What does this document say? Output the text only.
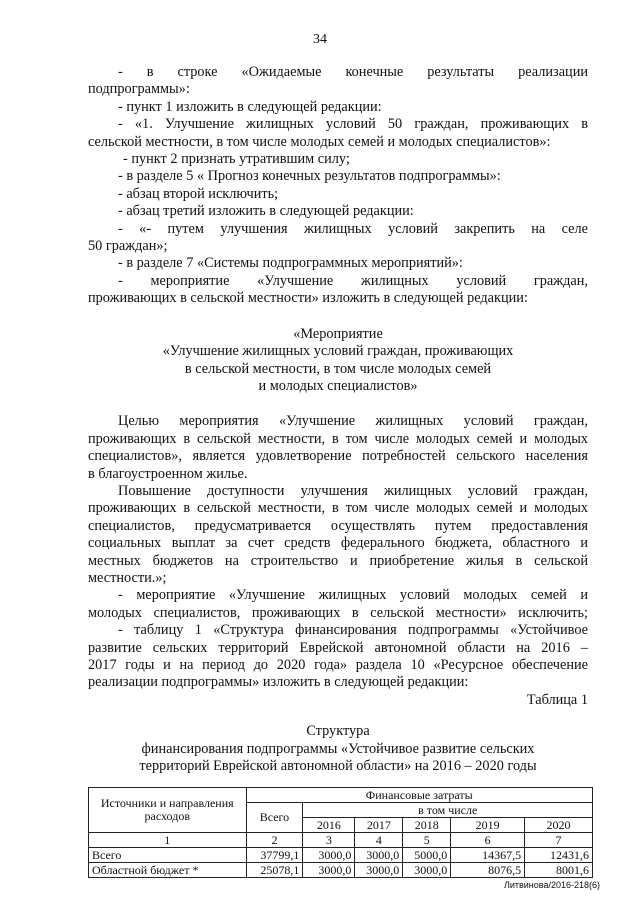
34

- в строке «Ожидаемые конечные результаты реализации

подпрограммы»:

- пункт 1 изложить в следующей редакции:

- «1. Улучшение жилищных условий 50 граждан, проживающих в

сельской местности, в том числе молодых семей и молодых специалистов»:

- пункт 2 признать утратившим силу;

- в разделе 5 « Прогноз конечных результатов подпрограммы»:

- абзац второй исключить;

- абзац третий изложить в следующей редакции:

- «- путем улучшения жилищных условий закрепить на селе

50 граждан»;

- в разделе 7 «Системы подпрограммных мероприятий»:

- мероприятие «Улучшение жилищных условий граждан,

проживающих в сельской местности» изложить в следующей редакции:

«Мероприятие

«Улучшение жилищных условий граждан, проживающих

в сельской местности, в том числе молодых семей

и молодых специалистов»

Целью мероприятия «Улучшение жилищных условий граждан,

проживающих в сельской местности, в том числе молодых семей и молодых

специалистов», является удовлетворение потребностей сельского населения

в благоустроенном жилье.

Повышение доступности улучшения жилищных условий граждан,

проживающих в сельской местности, в том числе молодых семей и молодых

специалистов, предусматривается осуществлять путем предоставления

социальных выплат за счет средств федерального бюджета, областного и

местных бюджетов на строительство и приобретение жилья в сельской

местности.»;

- мероприятие «Улучшение жилищных условий молодых семей и

молодых специалистов, проживающих в сельской местности» исключить;

- таблицу 1 «Структура финансирования подпрограммы «Устойчивое

развитие сельских территорий Еврейской автономной области на 2016 –

2017 годы и на период до 2020 года» раздела 10 «Ресурсное обеспечение

реализации подпрограммы» изложить в следующей редакции:

Таблица 1

Структура

финансирования подпрограммы «Устойчивое развитие сельских

территорий Еврейской автономной области» на 2016 – 2020 годы

Источники и направления расходов	Финансовые затраты					
	Всего	в том числе				
		2016	2017	2018	2019	2020
1	2	3	4	5	6	7
Всего	37799,1	3000,0	3000,0	5000,0	14367,5	12431,6
Областной бюджет *	25078,1	3000,0	3000,0	3000,0	8076,5	8001,6
Литвинова/2016-218(6)
